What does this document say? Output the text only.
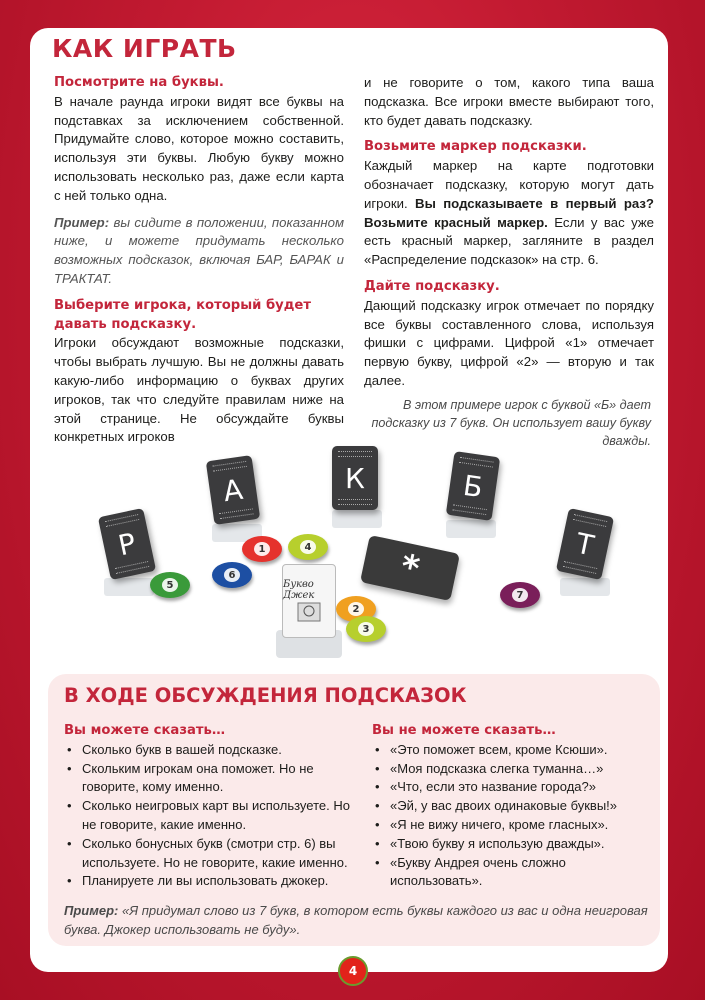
КАК ИГРАТЬ
Посмотрите на буквы.

В начале раунда игроки видят все буквы на подставках за исключением собственной. Придумайте слово, которое можно составить, используя эти буквы. Любую букву можно использовать несколько раз, даже если карта с ней только одна.

Пример: вы сидите в положении, показанном ниже, и можете придумать несколько возможных подсказок, включая БАР, БАРАК и ТРАКТАТ.

Выберите игрока, который будет давать подсказку.

Игроки обсуждают возможные подсказки, чтобы выбрать лучшую. Вы не должны давать какую-либо информацию о буквах других игроков, так что следуйте правилам ниже на этой странице. Не обсуждайте буквы конкретных игроков

и не говорите о том, какого типа ваша подсказка. Все игроки вместе выбирают того, кто будет давать подсказку.

Возьмите маркер подсказки.

Каждый маркер на карте подготовки обозначает подсказку, которую могут дать игроки. Вы подсказываете в первый раз? Возьмите красный маркер. Если у вас уже есть красный маркер, загляните в раздел «Распределение подсказок» на стр. 6.

Дайте подсказку.

Дающий подсказку игрок отмечает по порядку все буквы составленного слова, используя фишки с цифрами. Цифрой «1» отмечает первую букву, цифрой «2» — вторую и так далее.

В этом примере игрок с буквой «Б» дает подсказку из 7 букв. Он использует вашу букву дважды.
Р
А	К	Б
Т
1	4
6
5
2
3
7
*
Бyкво Джек
В ХОДЕ ОБСУЖДЕНИЯ ПОДСКАЗОК
Вы можете сказать…
• Сколько букв в вашей подсказке.
• Скольким игрокам она поможет. Но не говорите, кому именно.
• Сколько неигровых карт вы используете. Но не говорите, какие именно.
• Сколько бонусных букв (смотри стр. 6) вы используете. Но не говорите, какие именно.
• Планируете ли вы использовать джокер.
Вы не можете сказать…
• «Это поможет всем, кроме Ксюши».
• «Моя подсказка слегка туманна…»
• «Что, если это название города?»
• «Эй, у вас двоих одинаковые буквы!»
• «Я не вижу ничего, кроме гласных».
• «Твою букву я использую дважды».
• «Букву Андрея очень сложно использовать».
Пример: «Я придумал слово из 7 букв, в котором есть буквы каждого из вас и одна неигровая буква. Джокер использовать не буду».
4
